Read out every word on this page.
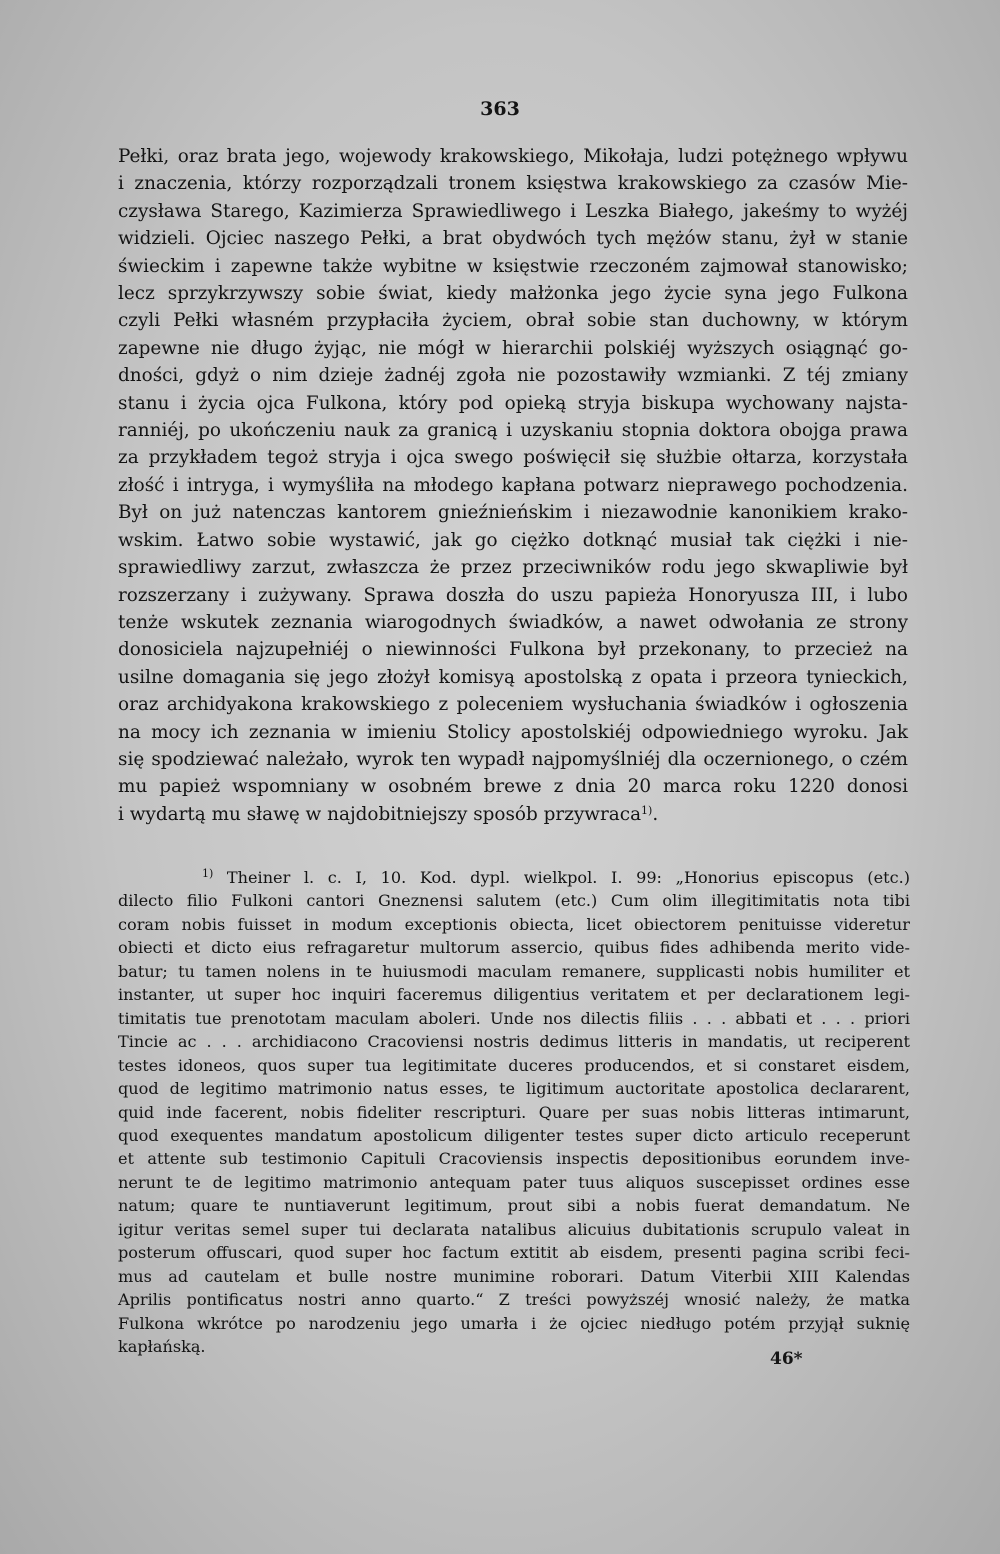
363
Pełki, oraz brata jego, wojewody krakowskiego, Mikołaja, ludzi potężnego wpływu
i znaczenia, którzy rozporządzali tronem księstwa krakowskiego za czasów Mie-
czysława Starego, Kazimierza Sprawiedliwego i Leszka Białego, jakeśmy to wyżéj
widzieli. Ojciec naszego Pełki, a brat obydwóch tych mężów stanu, żył w stanie
świeckim i zapewne także wybitne w księstwie rzeczoném zajmował stanowisko;
lecz sprzykrzywszy sobie świat, kiedy małżonka jego życie syna jego Fulkona
czyli Pełki własném przypłaciła życiem, obrał sobie stan duchowny, w którym
zapewne nie długo żyjąc, nie mógł w hierarchii polskiéj wyższych osiągnąć go-
dności, gdyż o nim dzieje żadnéj zgoła nie pozostawiły wzmianki. Z téj zmiany
stanu i życia ojca Fulkona, który pod opieką stryja biskupa wychowany najsta-
ranniéj, po ukończeniu nauk za granicą i uzyskaniu stopnia doktora obojga prawa
za przykładem tegoż stryja i ojca swego poświęcił się służbie ołtarza, korzystała
złość i intryga, i wymyśliła na młodego kapłana potwarz nieprawego pochodzenia.
Był on już natenczas kantorem gnieźnieńskim i niezawodnie kanonikiem krako-
wskim. Łatwo sobie wystawić, jak go ciężko dotknąć musiał tak ciężki i nie-
sprawiedliwy zarzut, zwłaszcza że przez przeciwników rodu jego skwapliwie był
rozszerzany i zużywany. Sprawa doszła do uszu papieża Honoryusza III, i lubo
tenże wskutek zeznania wiarogodnych świadków, a nawet odwołania ze strony
donosiciela najzupełniéj o niewinności Fulkona był przekonany, to przecież na
usilne domagania się jego złożył komisyą apostolską z opata i przeora tynieckich,
oraz archidyakona krakowskiego z poleceniem wysłuchania świadków i ogłoszenia
na mocy ich zeznania w imieniu Stolicy apostolskiéj odpowiedniego wyroku. Jak
się spodziewać należało, wyrok ten wypadł najpomyślniéj dla oczernionego, o czém
mu papież wspomniany w osobném brewe z dnia 20 marca roku 1220 donosi
i wydartą mu sławę w najdobitniejszy sposób przywraca$^{1)}$.
$^{1)}$ Theiner l. c. I, 10. Kod. dypl. wielkpol. I. 99: „Honorius episcopus (etc.)
dilecto filio Fulkoni cantori Gneznensi salutem (etc.) Cum olim illegitimitatis nota tibi
coram nobis fuisset in modum exceptionis obiecta, licet obiectorem penituisse videretur
obiecti et dicto eius refragaretur multorum assercio, quibus fides adhibenda merito vide-
batur; tu tamen nolens in te huiusmodi maculam remanere, supplicasti nobis humiliter et
instanter, ut super hoc inquiri faceremus diligentius veritatem et per declarationem legi-
timitatis tue prenototam maculam aboleri. Unde nos dilectis filiis . . . abbati et . . . priori
Tincie ac . . . archidiacono Cracoviensi nostris dedimus litteris in mandatis, ut reciperent
testes idoneos, quos super tua legitimitate duceres producendos, et si constaret eisdem,
quod de legitimo matrimonio natus esses, te ligitimum auctoritate apostolica declararent,
quid inde facerent, nobis fideliter rescripturi. Quare per suas nobis litteras intimarunt,
quod exequentes mandatum apostolicum diligenter testes super dicto articulo receperunt
et attente sub testimonio Capituli Cracoviensis inspectis depositionibus eorundem inve-
nerunt te de legitimo matrimonio antequam pater tuus aliquos suscepisset ordines esse
natum; quare te nuntiaverunt legitimum, prout sibi a nobis fuerat demandatum. Ne
igitur veritas semel super tui declarata natalibus alicuius dubitationis scrupulo valeat in
posterum offuscari, quod super hoc factum extitit ab eisdem, presenti pagina scribi feci-
mus ad cautelam et bulle nostre munimine roborari. Datum Viterbii XIII Kalendas
Aprilis pontificatus nostri anno quarto.“ Z treści powyższéj wnosić należy, że matka
Fulkona wkrótce po narodzeniu jego umarła i że ojciec niedługo potém przyjął suknię
kapłańską.
46*
